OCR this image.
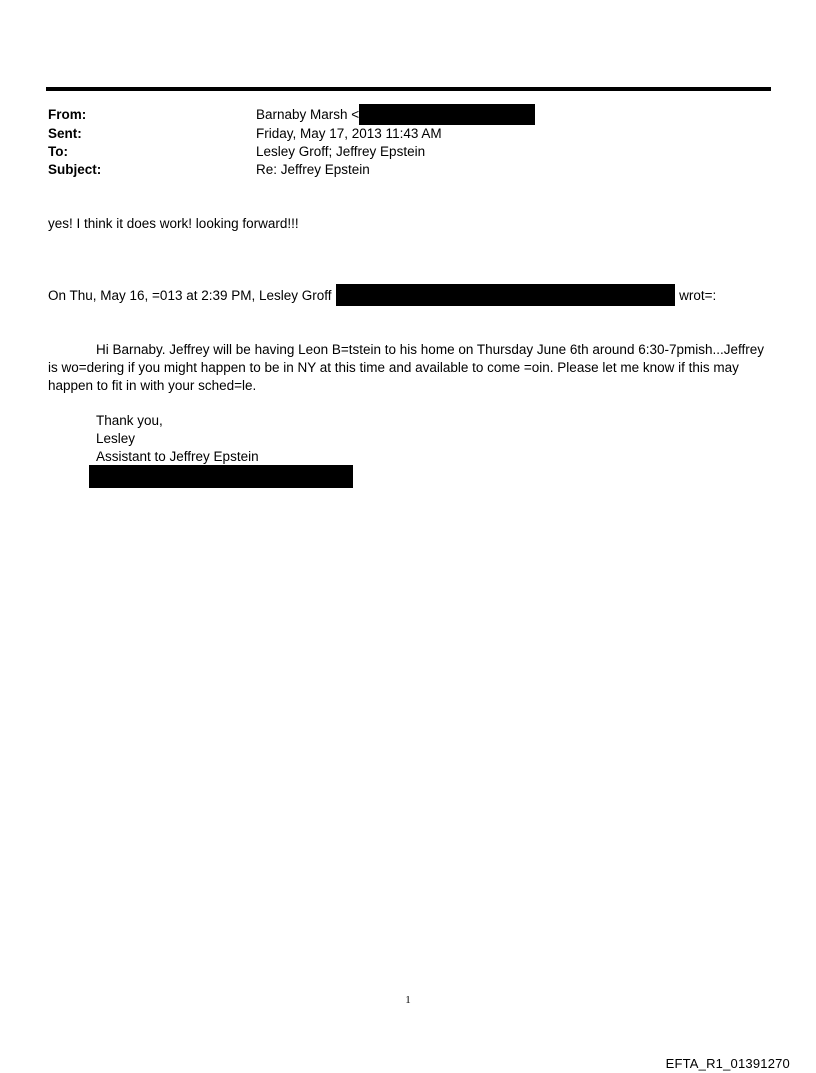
From:	Barnaby Marsh <
Sent:	Friday, May 17, 2013 11:43 AM
To:	Lesley Groff; Jeffrey Epstein
Subject:	Re: Jeffrey Epstein
yes! I think it does work! looking forward!!!
On Thu, May 16, =013 at 2:39 PM, Lesley Groff	wrot=:
Hi Barnaby. Jeffrey will be having Leon B=tstein to his home on Thursday June 6th around 6:30-7pmish...Jeffrey is wo=dering if you might happen to be in NY at this time and available to come =oin. Please let me know if this may happen to fit in with your sched=le.
Thank you,
Lesley
Assistant to Jeffrey Epstein
1
EFTA_R1_01391270
